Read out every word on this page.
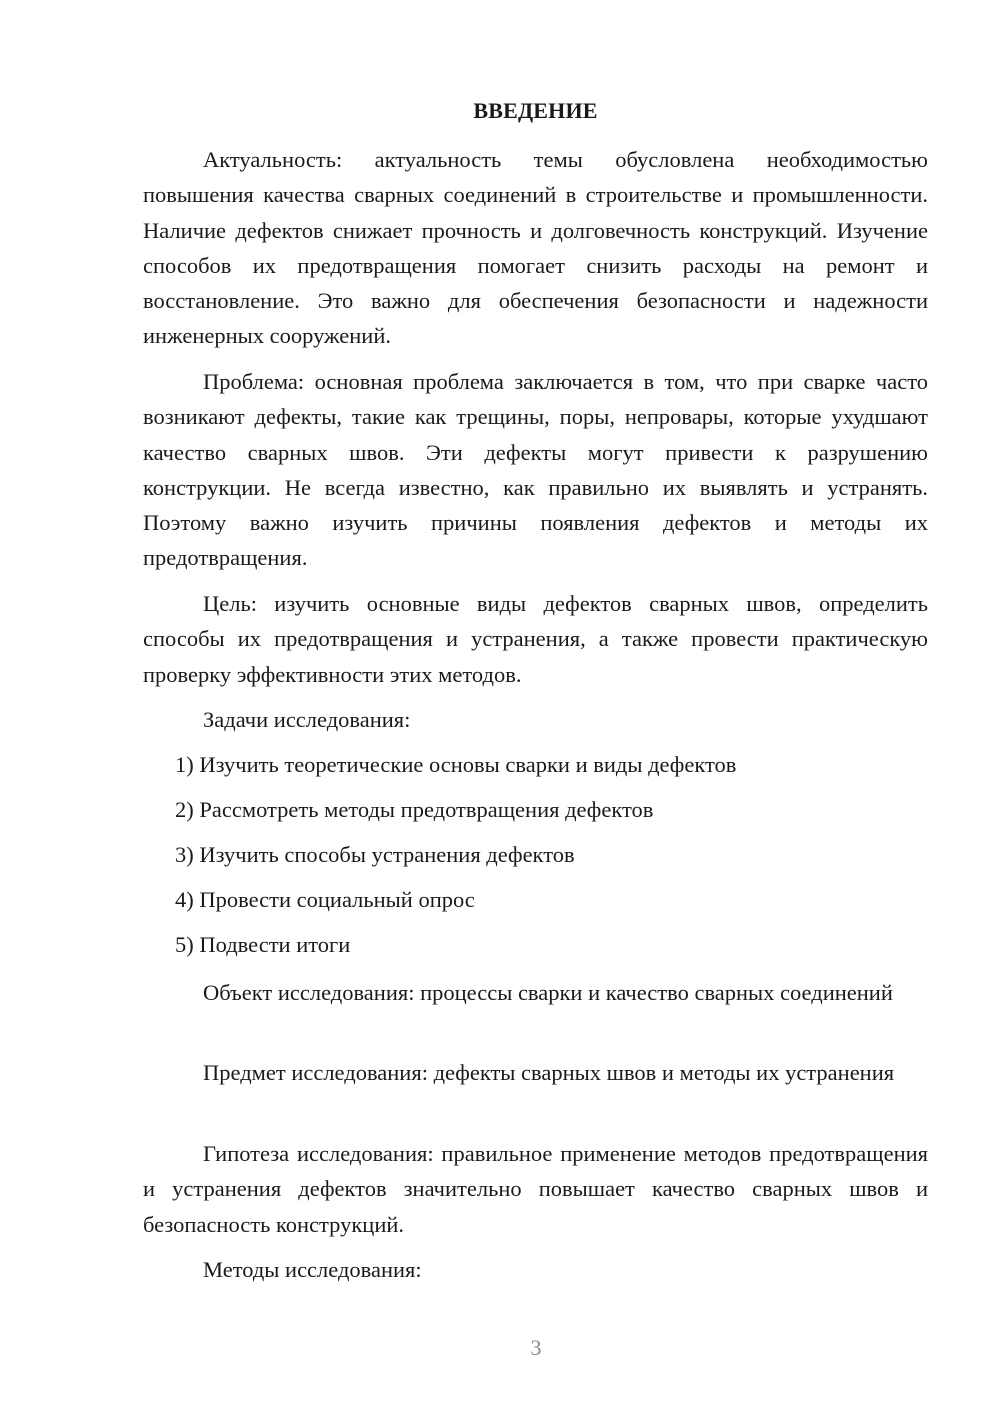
ВВЕДЕНИЕ

Актуальность: актуальность темы обусловлена необходимостью повышения качества сварных соединений в строительстве и промышленности. Наличие дефектов снижает прочность и долговечность конструкций. Изучение способов их предотвращения помогает снизить расходы на ремонт и восстановление. Это важно для обеспечения безопасности и надежности инженерных сооружений.

Проблема: основная проблема заключается в том, что при сварке часто возникают дефекты, такие как трещины, поры, непровары, которые ухудшают качество сварных швов. Эти дефекты могут привести к разрушению конструкции. Не всегда известно, как правильно их выявлять и устранять. Поэтому важно изучить причины появления дефектов и методы их предотвращения.

Цель: изучить основные виды дефектов сварных швов, определить способы их предотвращения и устранения, а также провести практическую проверку эффективности этих методов.

Задачи исследования:

1) Изучить теоретические основы сварки и виды дефектов

2) Рассмотреть методы предотвращения дефектов

3) Изучить способы устранения дефектов

4) Провести социальный опрос

5) Подвести итоги

Объект исследования: процессы сварки и качество сварных соединений

Предмет исследования: дефекты сварных швов и методы их устранения

Гипотеза исследования: правильное применение методов предотвращения и устранения дефектов значительно повышает качество сварных швов и безопасность конструкций.

Методы исследования:

3
